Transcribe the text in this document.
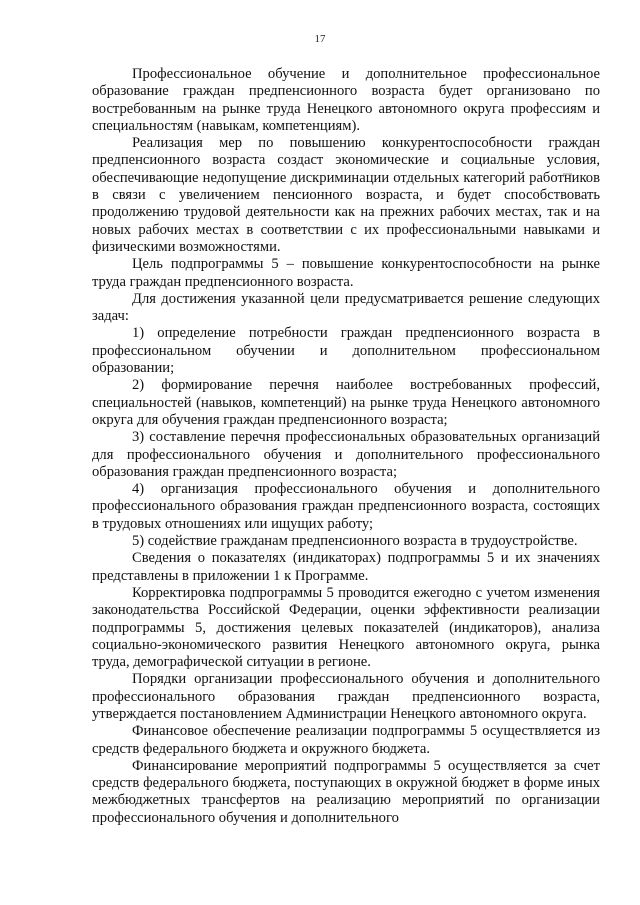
17

Профессиональное обучение и дополнительное профессиональное образование граждан предпенсионного возраста будет организовано по востребованным на рынке труда Ненецкого автономного округа профессиям и специальностям (навыкам, компетенциям).

Реализация мер по повышению конкурентоспособности граждан предпенсионного возраста создаст экономические и социальные условия, обеспечивающие недопущение дискриминации отдельных категорий работников в связи с увеличением пенсионного возраста, и будет способствовать продолжению трудовой деятельности как на прежних рабочих местах, так и на новых рабочих местах в соответствии с их профессиональными навыками и физическими возможностями.

Цель подпрограммы 5 – повышение конкурентоспособности на рынке труда граждан предпенсионного возраста.

Для достижения указанной цели предусматривается решение следующих задач:

1) определение потребности граждан предпенсионного возраста в профессиональном обучении и дополнительном профессиональном образовании;

2) формирование перечня наиболее востребованных профессий, специальностей (навыков, компетенций) на рынке труда Ненецкого автономного округа для обучения граждан предпенсионного возраста;

3) составление перечня профессиональных образовательных организаций для профессионального обучения и дополнительного профессионального образования граждан предпенсионного возраста;

4) организация профессионального обучения и дополнительного профессионального образования граждан предпенсионного возраста, состоящих в трудовых отношениях или ищущих работу;

5) содействие гражданам предпенсионного возраста в трудоустройстве.

Сведения о показателях (индикаторах) подпрограммы 5 и их значениях представлены в приложении 1 к Программе.

Корректировка подпрограммы 5 проводится ежегодно с учетом изменения законодательства Российской Федерации, оценки эффективности реализации подпрограммы 5, достижения целевых показателей (индикаторов), анализа социально-экономического развития Ненецкого автономного округа, рынка труда, демографической ситуации в регионе.

Порядки организации профессионального обучения и дополнительного профессионального образования граждан предпенсионного возраста, утверждается постановлением Администрации Ненецкого автономного округа.

Финансовое обеспечение реализации подпрограммы 5 осуществляется из средств федерального бюджета и окружного бюджета.

Финансирование мероприятий подпрограммы 5 осуществляется за счет средств федерального бюджета, поступающих в окружной бюджет в форме иных межбюджетных трансфертов на реализацию мероприятий по организации профессионального обучения и дополнительного
